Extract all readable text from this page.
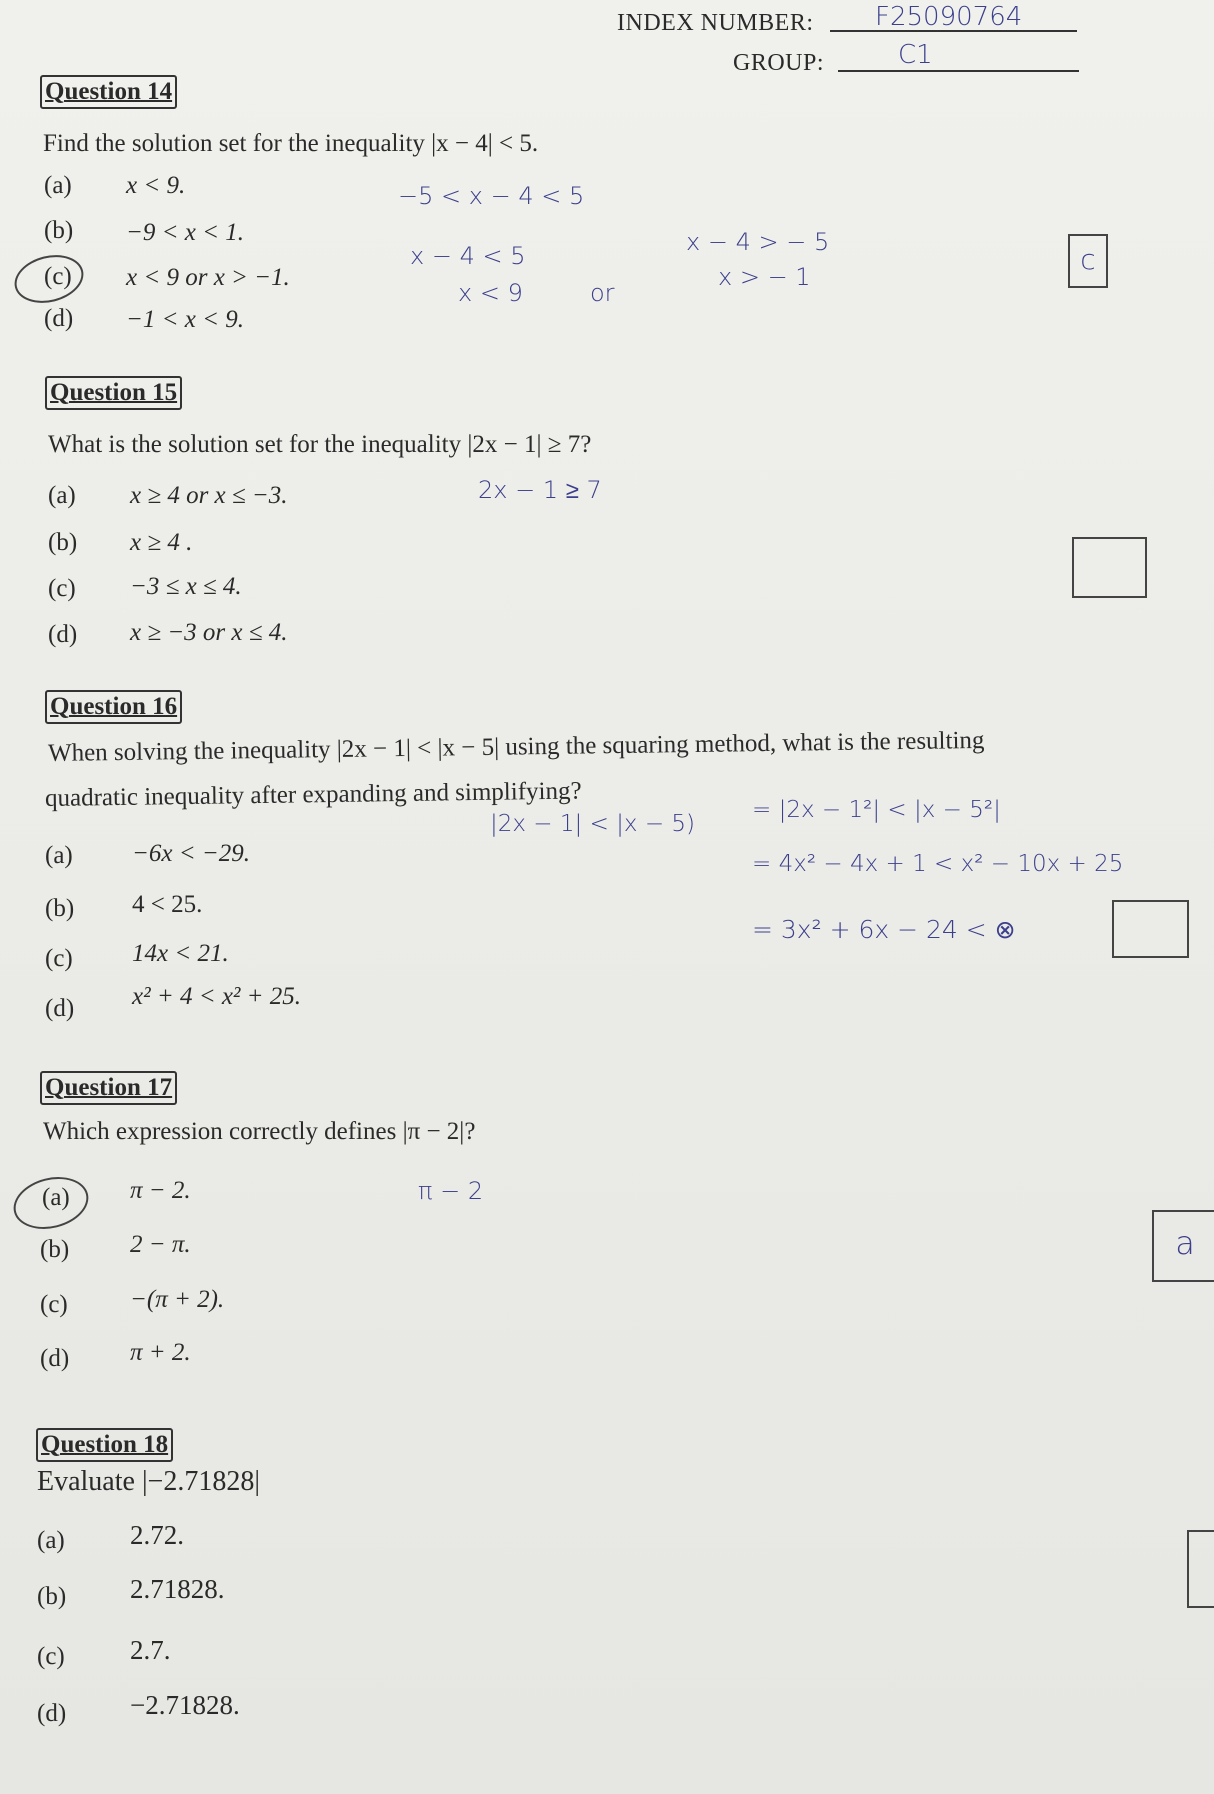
INDEX NUMBER: F25090764
GROUP:	C1
Question 14
Find the solution set for the inequality |x − 4| < 5.
(a) x < 9.
(b) −9 < x < 1.
(c) x < 9 or x > −1.
(d) −1 < x < 9.
−5 < x − 4 < 5
x − 4 < 5
x < 9	or
x − 4 > − 5
x > − 1
c
Question 15
What is the solution set for the inequality |2x − 1| ≥ 7?
(a) x ≥ 4 or x ≤ −3.
(b) x ≥ 4 .
(c) −3 ≤ x ≤ 4.
(d) x ≥ −3 or x ≤ 4.
2x − 1 ≥ 7
Question 16
When solving the inequality |2x − 1| < |x − 5| using the squaring method, what is the resulting
quadratic inequality after expanding and simplifying?
(a) −6x < −29.
(b) 4 < 25.
(c) 14x < 21.
(d) x² + 4 < x² + 25.
|2x − 1| < |x − 5)
= |2x − 1²| < |x − 5²|
= 4x² − 4x + 1 < x² − 10x + 25
= 3x² + 6x − 24 < ⊗
Question 17
Which expression correctly defines |π − 2|?
(a) π − 2.
(b) 2 − π.
(c) −(π + 2).
(d) π + 2.
π − 2
a
Question 18
Evaluate |−2.71828|
(a) 2.72.
(b) 2.71828.
(c) 2.7.
(d) −2.71828.
